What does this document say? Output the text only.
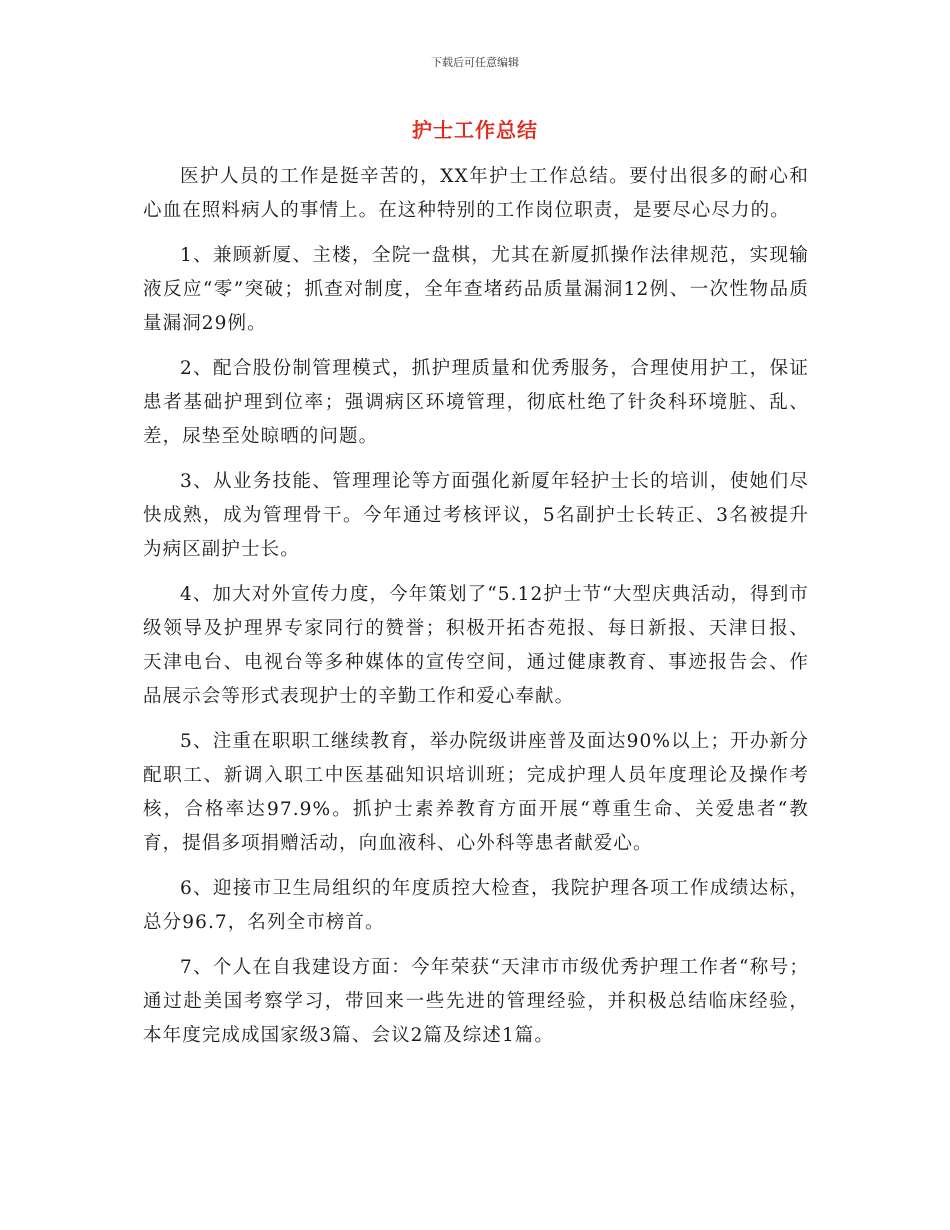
下载后可任意编辑
护士工作总结

医护人员的工作是挺辛苦的，XX年护士工作总结。要付出很多的耐心和心血在照料病人的事情上。在这种特别的工作岗位职责，是要尽心尽力的。

1、兼顾新厦、主楼，全院一盘棋，尤其在新厦抓操作法律规范，实现输液反应“零”突破；抓查对制度，全年查堵药品质量漏洞12例、一次性物品质量漏洞29例。

2、配合股份制管理模式，抓护理质量和优秀服务，合理使用护工，保证患者基础护理到位率；强调病区环境管理，彻底杜绝了针灸科环境脏、乱、差，尿垫至处晾晒的问题。

3、从业务技能、管理理论等方面强化新厦年轻护士长的培训，使她们尽快成熟，成为管理骨干。今年通过考核评议，5名副护士长转正、3名被提升为病区副护士长。

4、加大对外宣传力度，今年策划了“5.12护士节“大型庆典活动，得到市级领导及护理界专家同行的赞誉；积极开拓杏苑报、每日新报、天津日报、天津电台、电视台等多种媒体的宣传空间，通过健康教育、事迹报告会、作品展示会等形式表现护士的辛勤工作和爱心奉献。

5、注重在职职工继续教育，举办院级讲座普及面达90%以上；开办新分配职工、新调入职工中医基础知识培训班；完成护理人员年度理论及操作考核，合格率达97.9%。抓护士素养教育方面开展“尊重生命、关爱患者“教育，提倡多项捐赠活动，向血液科、心外科等患者献爱心。

6、迎接市卫生局组织的年度质控大检查，我院护理各项工作成绩达标，总分96.7，名列全市榜首。

7、个人在自我建设方面：今年荣获“天津市市级优秀护理工作者“称号；通过赴美国考察学习，带回来一些先进的管理经验，并积极总结临床经验，本年度完成成国家级3篇、会议2篇及综述1篇。
